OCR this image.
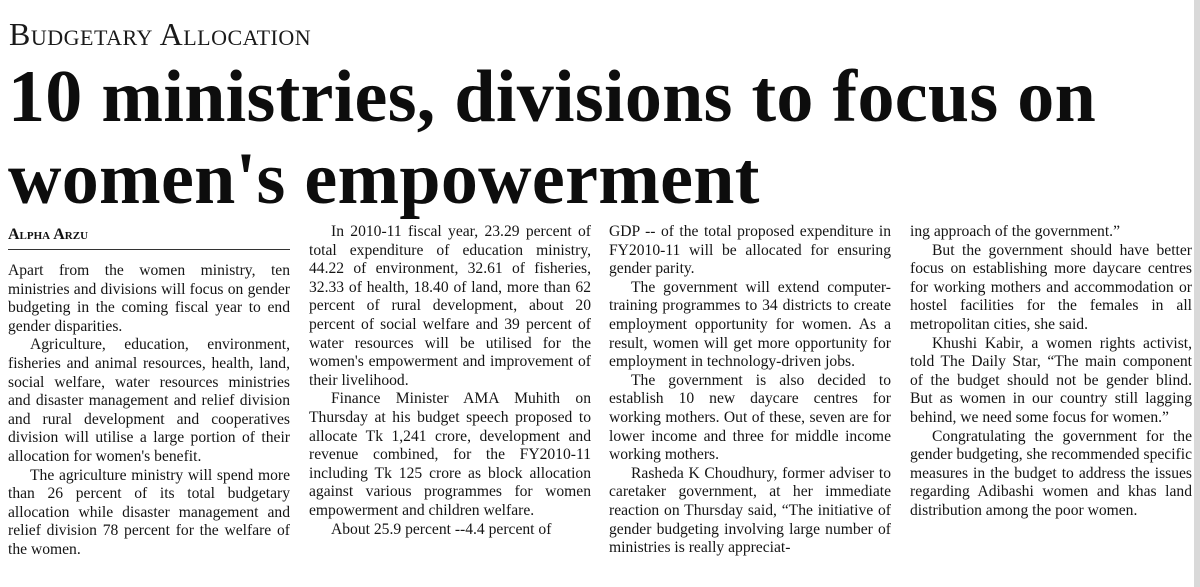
Budgetary Allocation
10 ministries, divisions to focus on
women's empowerment
Alpha Arzu

Apart from the women ministry, ten ministries and divisions will focus on gender budgeting in the coming fiscal year to end gender disparities.

Agriculture, education, environment, fisheries and animal resources, health, land, social welfare, water resources ministries and disaster management and relief division and rural development and cooperatives division will utilise a large portion of their allocation for women's benefit.

The agriculture ministry will spend more than 26 percent of its total budgetary allocation while disaster management and relief division 78 percent for the welfare of the women.

In 2010-11 fiscal year, 23.29 percent of total expenditure of education ministry, 44.22 of environment, 32.61 of fisheries, 32.33 of health, 18.40 of land, more than 62 percent of rural development, about 20 percent of social welfare and 39 percent of water resources will be utilised for the women's empowerment and improvement of their livelihood.

Finance Minister AMA Muhith on Thursday at his budget speech proposed to allocate Tk 1,241 crore, development and revenue combined, for the FY2010-11 including Tk 125 crore as block allocation against various programmes for women empowerment and children welfare.

About 25.9 percent --4.4 percent of

GDP -- of the total proposed expenditure in FY2010-11 will be allocated for ensuring gender parity.

The government will extend computer-training programmes to 34 districts to create employment opportunity for women. As a result, women will get more opportunity for employment in technology-driven jobs.

The government is also decided to establish 10 new daycare centres for working mothers. Out of these, seven are for lower income and three for middle income working mothers.

Rasheda K Choudhury, former adviser to caretaker government, at her immediate reaction on Thursday said, “The initiative of gender budgeting involving large number of ministries is really appreciat-

ing approach of the government.”

But the government should have better focus on establishing more daycare centres for working mothers and accommodation or hostel facilities for the females in all metropolitan cities, she said.

Khushi Kabir, a women rights activist, told The Daily Star, “The main component of the budget should not be gender blind. But as women in our country still lagging behind, we need some focus for women.”

Congratulating the government for the gender budgeting, she recommended specific measures in the budget to address the issues regarding Adibashi women and khas land distribution among the poor women.
